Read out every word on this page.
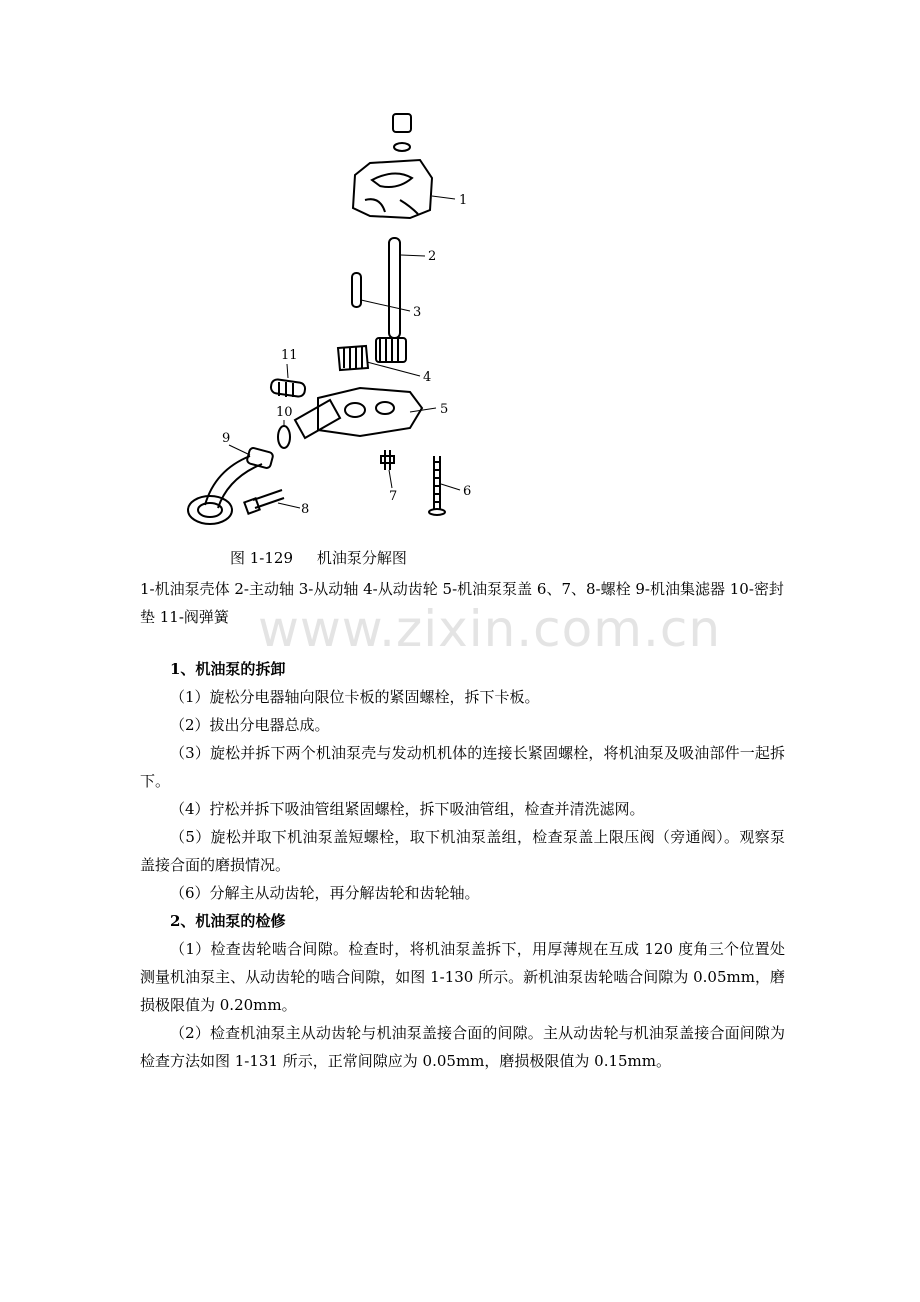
1
2
3
4
5
6
7
8
9
10
11
图 1-129     机油泵分解图
1-机油泵壳体 2-主动轴 3-从动轴 4-从动齿轮 5-机油泵泵盖 6、7、8-螺栓 9-机油集滤器 10-密封垫 11-阀弹簧 www.zixin.com.cn

1、机油泵的拆卸

（1）旋松分电器轴向限位卡板的紧固螺栓，拆下卡板。

（2）拔出分电器总成。

（3）旋松并拆下两个机油泵壳与发动机机体的连接长紧固螺栓，将机油泵及吸油部件一起拆下。

（4）拧松并拆下吸油管组紧固螺栓，拆下吸油管组，检查并清洗滤网。

（5）旋松并取下机油泵盖短螺栓，取下机油泵盖组，检查泵盖上限压阀（旁通阀）。观察泵盖接合面的磨损情况。

（6）分解主从动齿轮，再分解齿轮和齿轮轴。

2、机油泵的检修

（1）检查齿轮啮合间隙。检查时，将机油泵盖拆下，用厚薄规在互成 120 度角三个位置处测量机油泵主、从动齿轮的啮合间隙，如图 1-130 所示。新机油泵齿轮啮合间隙为 0.05mm，磨损极限值为 0.20mm。

（2）检查机油泵主从动齿轮与机油泵盖接合面的间隙。主从动齿轮与机油泵盖接合面间隙为检查方法如图 1-131 所示，正常间隙应为 0.05mm，磨损极限值为 0.15mm。
